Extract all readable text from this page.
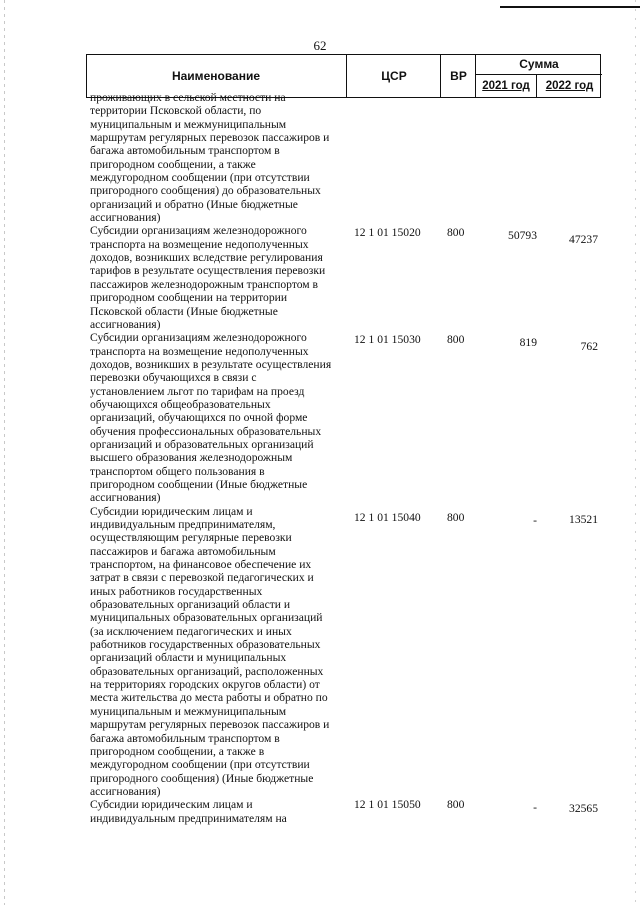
62
Наименование	ЦСР	ВР
Сумма
2021 год	2022 год
проживающих в сельской местности на
территории Псковской области, по
муниципальным и межмуниципальным
маршрутам регулярных перевозок пассажиров и
багажа автомобильным транспортом в
пригородном сообщении, а также
междугородном сообщении (при отсутствии
пригородного сообщения) до образовательных
организаций и обратно (Иные бюджетные
ассигнования)
Субсидии организациям железнодорожного
транспорта на возмещение недополученных
доходов, возникших вследствие регулирования
тарифов в результате осуществления перевозки
пассажиров железнодорожным транспортом в
пригородном сообщении на территории
Псковской области (Иные бюджетные
ассигнования)
12 1 01 15020 800	50793	47237
Субсидии организациям железнодорожного
транспорта на возмещение недополученных
доходов, возникших в результате осуществления
перевозки обучающихся в связи с
установлением льгот по тарифам на проезд
обучающихся общеобразовательных
организаций, обучающихся по очной форме
обучения профессиональных образовательных
организаций и образовательных организаций
высшего образования железнодорожным
транспортом общего пользования в
пригородном сообщении (Иные бюджетные
ассигнования)
12 1 01 15030 800	819	762
Субсидии юридическим лицам и
индивидуальным предпринимателям,
осуществляющим регулярные перевозки
пассажиров и багажа автомобильным
транспортом, на финансовое обеспечение их
затрат в связи с перевозкой педагогических и
иных работников государственных
образовательных организаций области и
муниципальных образовательных организаций
(за исключением педагогических и иных
работников государственных образовательных
организаций области и муниципальных
образовательных организаций, расположенных
на территориях городских округов области) от
места жительства до места работы и обратно по
муниципальным и межмуниципальным
маршрутам регулярных перевозок пассажиров и
багажа автомобильным транспортом в
пригородном сообщении, а также в
междугородном сообщении (при отсутствии
пригородного сообщения) (Иные бюджетные
ассигнования)
12 1 01 15040 800	-	13521
Субсидии юридическим лицам и
индивидуальным предпринимателям на
12 1 01 15050 800	-	32565
